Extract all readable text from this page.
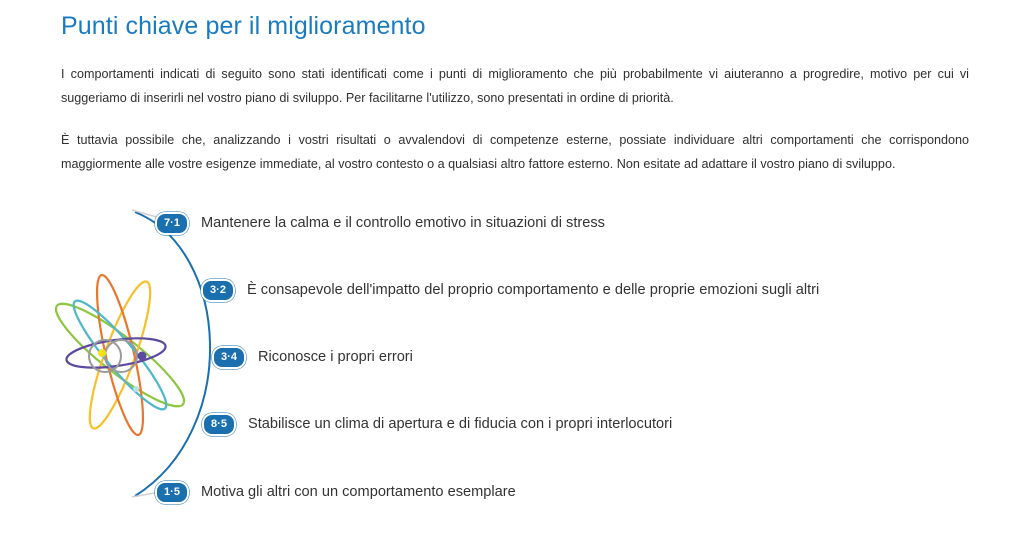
Punti chiave per il miglioramento

I comportamenti indicati di seguito sono stati identificati come i punti di miglioramento che più probabilmente vi aiuteranno a progredire, motivo per cui vi suggeriamo di inserirli nel vostro piano di sviluppo. Per facilitarne l'utilizzo, sono presentati in ordine di priorità.

È tuttavia possibile che, analizzando i vostri risultati o avvalendovi di competenze esterne, possiate individuare altri comportamenti che corrispondono maggiormente alle vostre esigenze immediate, al vostro contesto o a qualsiasi altro fattore esterno. Non esitate ad adattare il vostro piano di sviluppo.

7·1	Mantenere la calma e il controllo emotivo in situazioni di stress
3·2	È consapevole dell'impatto del proprio comportamento e delle proprie emozioni sugli altri
3·4	Riconosce i propri errori
8·5	Stabilisce un clima di apertura e di fiducia con i propri interlocutori
1·5	Motiva gli altri con un comportamento esemplare
